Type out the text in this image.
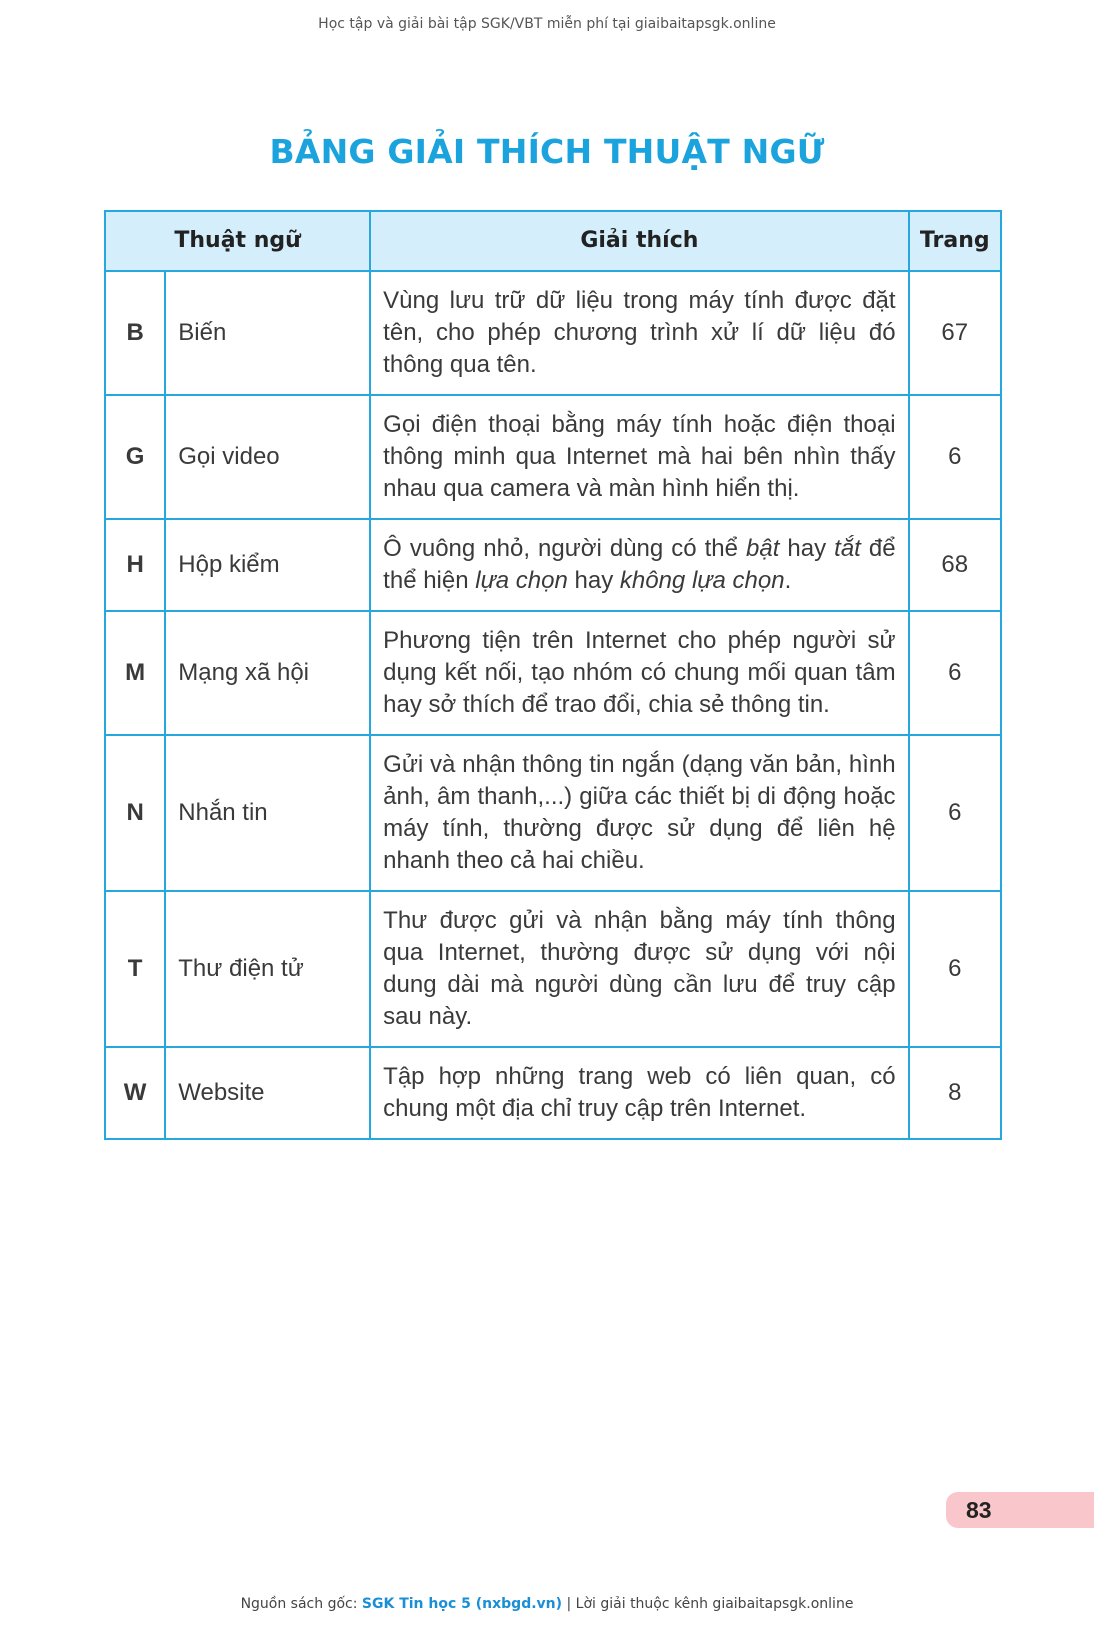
Học tập và giải bài tập SGK/VBT miễn phí tại giaibaitapsgk.online
BẢNG GIẢI THÍCH THUẬT NGỮ
Thuật ngữ		Giải thích	Trang
B	Biến	Vùng lưu trữ dữ liệu trong máy tính được đặt tên, cho phép chương trình xử lí dữ liệu đó thông qua tên.	67
G	Gọi video	Gọi điện thoại bằng máy tính hoặc điện thoại thông minh qua Internet mà hai bên nhìn thấy nhau qua camera và màn hình hiển thị.	6
H	Hộp kiểm	Ô vuông nhỏ, người dùng có thể bật hay tắt để thể hiện lựa chọn hay không lựa chọn.	68
M	Mạng xã hội	Phương tiện trên Internet cho phép người sử dụng kết nối, tạo nhóm có chung mối quan tâm hay sở thích để trao đổi, chia sẻ thông tin.	6
N	Nhắn tin	Gửi và nhận thông tin ngắn (dạng văn bản, hình ảnh, âm thanh,...) giữa các thiết bị di động hoặc máy tính, thường được sử dụng để liên hệ nhanh theo cả hai chiều.	6
T	Thư điện tử	Thư được gửi và nhận bằng máy tính thông qua Internet, thường được sử dụng với nội dung dài mà người dùng cần lưu để truy cập sau này.	6
W	Website	Tập hợp những trang web có liên quan, có chung một địa chỉ truy cập trên Internet.	8
83
Nguồn sách gốc: SGK Tin học 5 (nxbgd.vn) | Lời giải thuộc kênh giaibaitapsgk.online
